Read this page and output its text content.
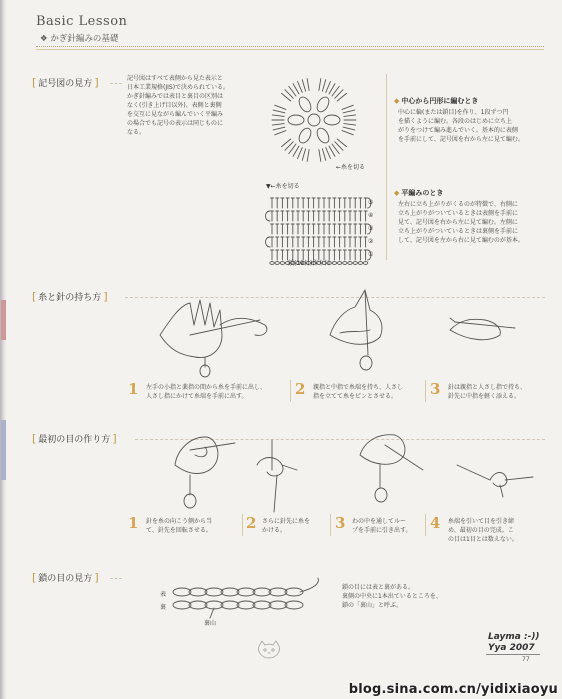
Basic Lesson
❖ かぎ針編みの基礎
[ 記号図の見方 ]	記号図はすべて表側から見た表示と
日本工業規格(JIS)で決められている。
かぎ針編みでは表目と裏目の区別は
なく(引き上げ目以外)、表側と裏側
を交互に見ながら編んでいく平編み
の場合でも記号の表示は同じものに
なる。
←糸を切る
◆ 中心から円形に編むとき
中心に輪(または鎖目)を作り、1段ずつ円
を描くように編む。各段のはじめに立ち上
がりをつけて編み進んでいく。基本的に表側
を手前にして、記号図を右から左に見て編む。
▼←糸を切る
⑤
④
③
②
①
鎖(19目)作り目
◆ 平編みのとき
左右に立ち上がりがくるのが特徴で、右側に
立ち上がりがついているときは表側を手前に
見て、記号図を右から左に見て編む。左側に
立ち上がりがついているときは裏側を手前に
して、記号図を左から右に見て編むのが基本。
[ 糸と針の持ち方 ]
1 左手の小指と薬指の間から糸を手前に出し、
人さし指にかけて糸端を手前に出す。	2 親指と中指で糸端を持ち、人さし
指を立てて糸をピンとさせる。	3 針は親指と人さし指で持ち、
針先に中指を軽く添える。
[ 最初の目の作り方 ]
1 針を糸の向こう側から当
て、針先を回転させる。 2 さらに針先に糸を
かける。	3 わの中を通してルー
プを手前に引き出す。 4 糸端を引いて目を引き締
め、最初の目の完成。こ
の目は1目とは数えない。
[ 鎖の目の見方 ]
表
裏
裏山
鎖の目には表と裏がある。
裏側の中央に1本出ているところを、
鎖の「裏山」と呼ぶ。
Layma :-))
Yya 2007
77
blog.sina.com.cn/yidixiaoyu
